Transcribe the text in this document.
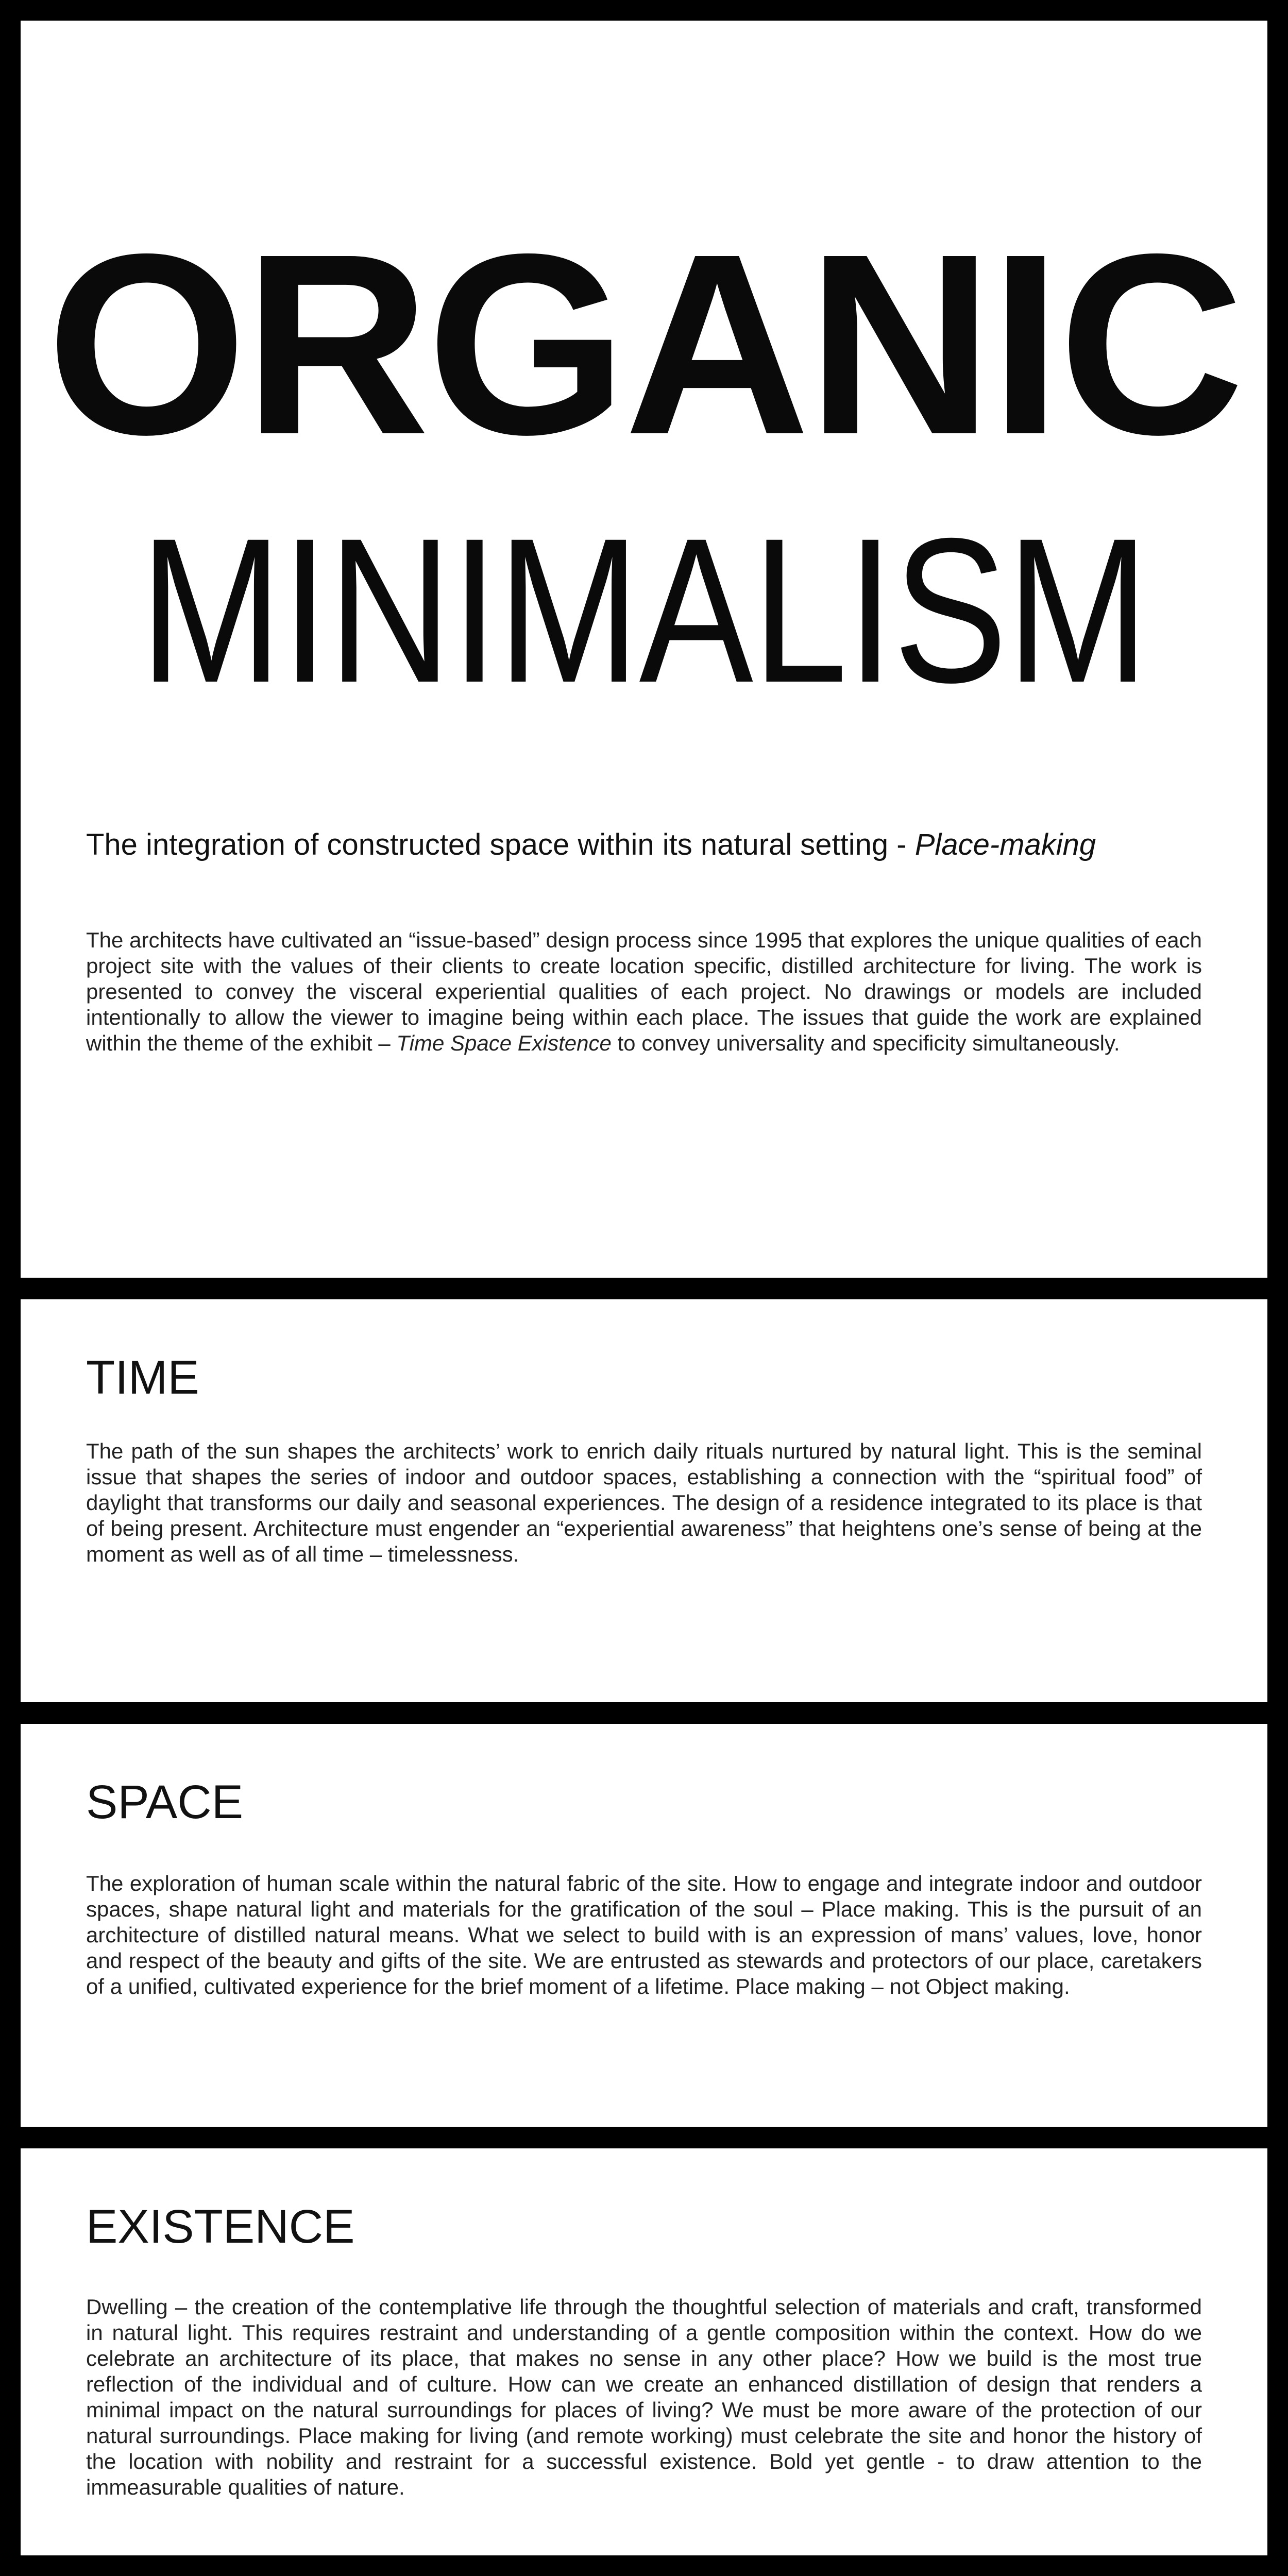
ORGANIC
MINIMALISM

The integration of constructed space within its natural setting - Place-making

The architects have cultivated an “issue-based” design process since 1995 that explores the unique qualities of each project site with the values of their clients to create location specific, distilled architecture for living. The work is presented to convey the visceral experiential qualities of each project. No drawings or models are included intentionally to allow the viewer to imagine being within each place. The issues that guide the work are explained within the theme of the exhibit – Time Space Existence to convey universality and specificity simultaneously.

TIME

The path of the sun shapes the architects’ work to enrich daily rituals nurtured by natural light. This is the seminal issue that shapes the series of indoor and outdoor spaces, establishing a connection with the “spiritual food” of daylight that transforms our daily and seasonal experiences. The design of a residence integrated to its place is that of being present. Architecture must engender an “experiential awareness” that heightens one’s sense of being at the moment as well as of all time – timelessness.

SPACE

The exploration of human scale within the natural fabric of the site. How to engage and integrate indoor and outdoor spaces, shape natural light and materials for the gratification of the soul – Place making. This is the pursuit of an architecture of distilled natural means. What we select to build with is an expression of mans’ values, love, honor and respect of the beauty and gifts of the site. We are entrusted as stewards and protectors of our place, caretakers of a unified, cultivated experience for the brief moment of a lifetime. Place making – not Object making.

EXISTENCE

Dwelling – the creation of the contemplative life through the thoughtful selection of materials and craft, transformed in natural light. This requires restraint and understanding of a gentle composition within the context. How do we celebrate an architecture of its place, that makes no sense in any other place? How we build is the most true reflection of the individual and of culture. How can we create an enhanced distillation of design that renders a minimal impact on the natural surroundings for places of living? We must be more aware of the protection of our natural surroundings. Place making for living (and remote working) must celebrate the site and honor the history of the location with nobility and restraint for a successful existence. Bold yet gentle - to draw attention to the immeasurable qualities of nature.
